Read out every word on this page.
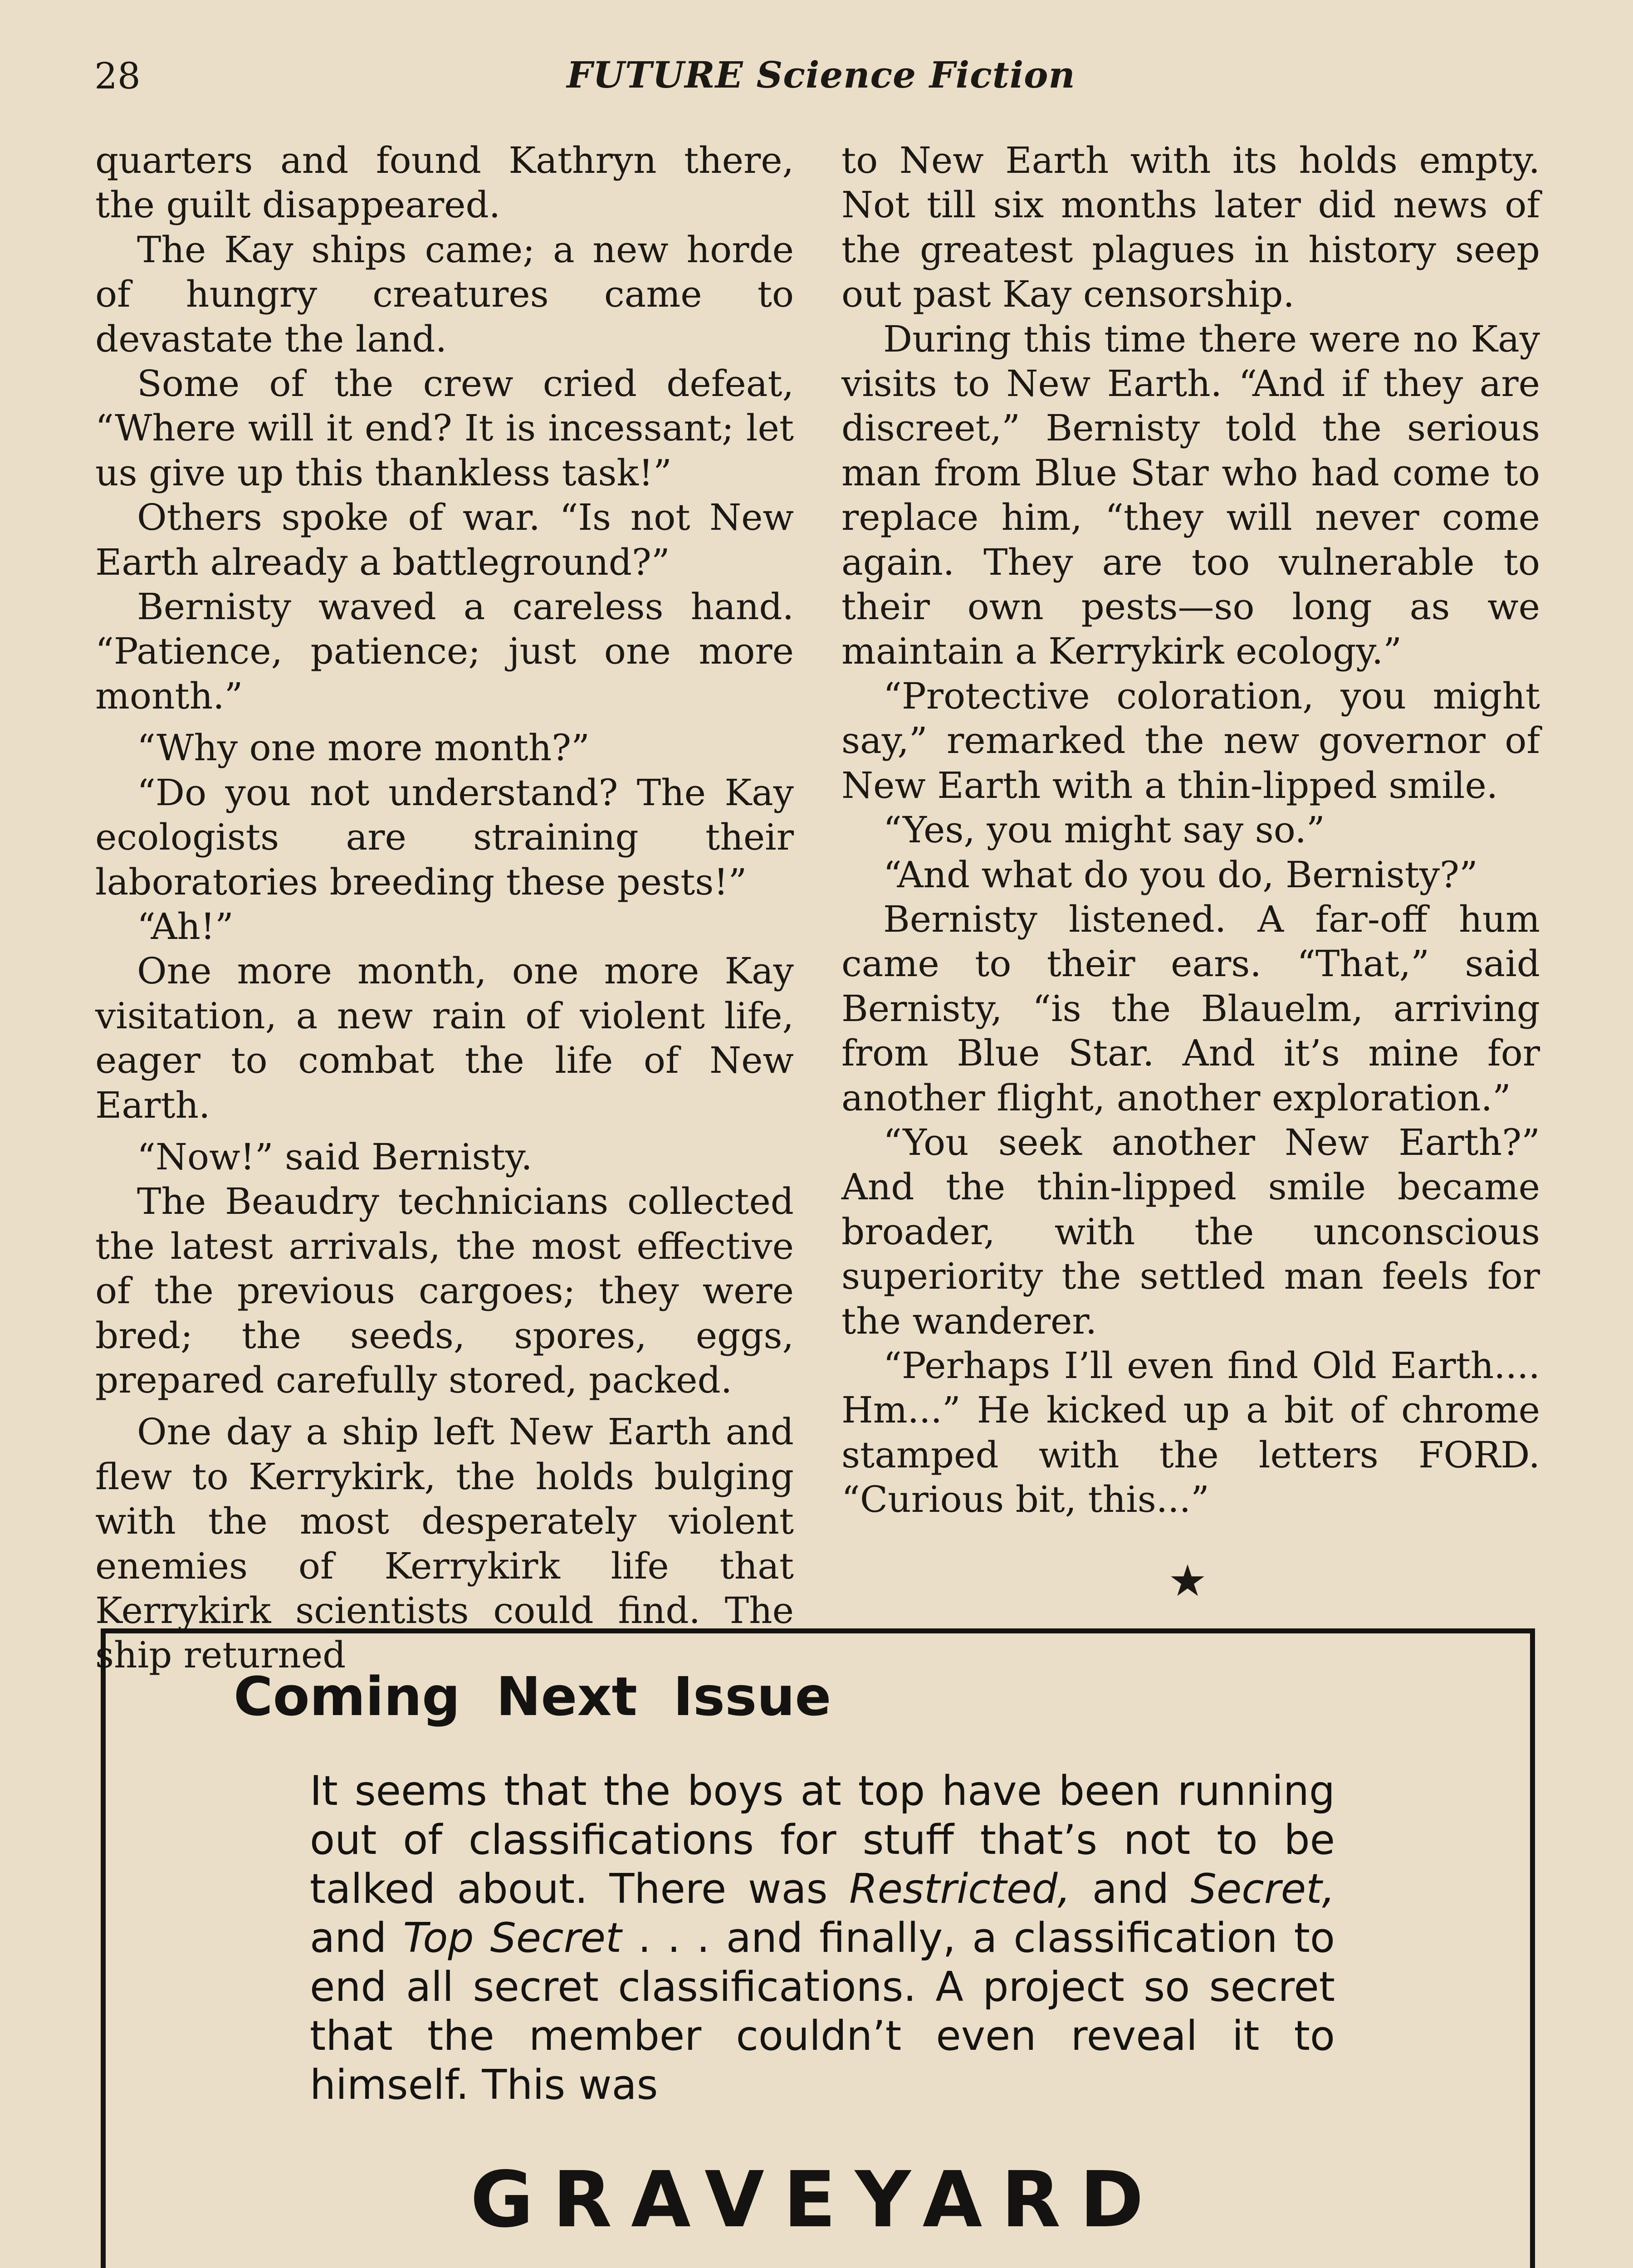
28	FUTURE Science Fiction

quarters and found Kathryn there, the guilt disappeared.

The Kay ships came; a new horde of hungry creatures came to devastate the land.

Some of the crew cried defeat, “Where will it end? It is incessant; let us give up this thankless task!”

Others spoke of war. “Is not New Earth already a battleground?”

Bernisty waved a careless hand. “Patience, patience; just one more month.”

“Why one more month?”

“Do you not understand? The Kay ecologists are straining their laboratories breeding these pests!”

“Ah!”

One more month, one more Kay visitation, a new rain of violent life, eager to combat the life of New Earth.

“Now!” said Bernisty.

The Beaudry technicians collected the latest arrivals, the most effective of the previous cargoes; they were bred; the seeds, spores, eggs, prepared carefully stored, packed.

One day a ship left New Earth and flew to Kerrykirk, the holds bulging with the most desperately violent enemies of Kerrykirk life that Kerrykirk scientists could find. The ship returned

to New Earth with its holds empty. Not till six months later did news of the greatest plagues in history seep out past Kay censorship.

During this time there were no Kay visits to New Earth. “And if they are discreet,” Bernisty told the serious man from Blue Star who had come to replace him, “they will never come again. They are too vulnerable to their own pests—so long as we maintain a Kerrykirk ecology.”

“Protective coloration, you might say,” remarked the new governor of New Earth with a thin-lipped smile.

“Yes, you might say so.”

“And what do you do, Bernisty?”

Bernisty listened. A far-off hum came to their ears. “That,” said Bernisty, “is the Blauelm, arriving from Blue Star. And it’s mine for another flight, another exploration.”

“You seek another New Earth?” And the thin-lipped smile became broader, with the unconscious superiority the settled man feels for the wanderer.

“Perhaps I’ll even find Old Earth.... Hm...” He kicked up a bit of chrome stamped with the letters FORD. “Curious bit, this...”

★
Coming Next Issue

It seems that the boys at top have been running out of classifications for stuff that’s not to be talked about. There was Restricted, and Secret, and Top Secret . . . and finally, a classification to end all secret classifications. A project so secret that the member couldn’t even reveal it to himself. This was

GRAVEYARD
